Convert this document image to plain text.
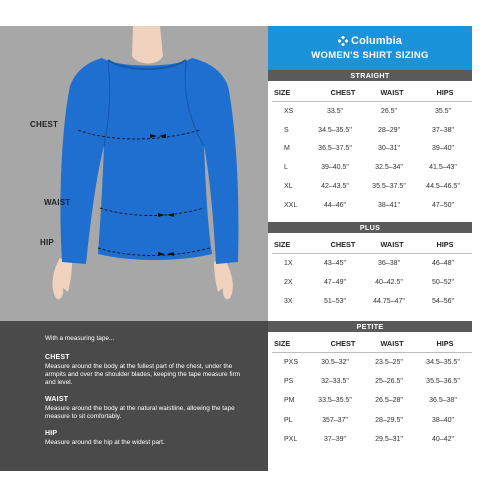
CHEST
WAIST
HIP
With a measuring tape...
CHEST
Measure around the body at the fullest part of the chest, under the armpits and over the shoulder blades, keeping the tape measure firm and level.
WAIST
Measure around the body at the natural waistline, allowing the tape measure to sit comfortably.
HIP
Measure around the hip at the widest part.
Columbia
WOMEN'S SHIRT SIZING
STRAIGHT
SIZE	CHEST	WAIST	HIPS
XS	33.5"	26.5"	35.5"
S	34.5–35.5"	28–29"	37–38"
M	36.5–37.5"	30–31"	39–40"
L	39–40.5"	32.5–34"	41.5–43"
XL	42–43.5"	35.5–37.5"	44.5–46.5"
XXL	44–46"	38–41"	47–50"
PLUS
SIZE	CHEST	WAIST	HIPS
1X	43–45"	36–38"	46–48"
2X	47–49"	40–42.5"	50–52"
3X	51–53"	44.75–47"	54–56"
PETITE
SIZE	CHEST	WAIST	HIPS
PXS	30.5–32"	23.5–25"	34.5–35.5"
PS	32–33.5"	25–26.5"	35.5–36.5"
PM	33.5–35.5"	26.5–28"	36.5–38"
PL	357–37"	28–29.5"	38–40"
PXL	37–39"	29.5–31"	40–42"
